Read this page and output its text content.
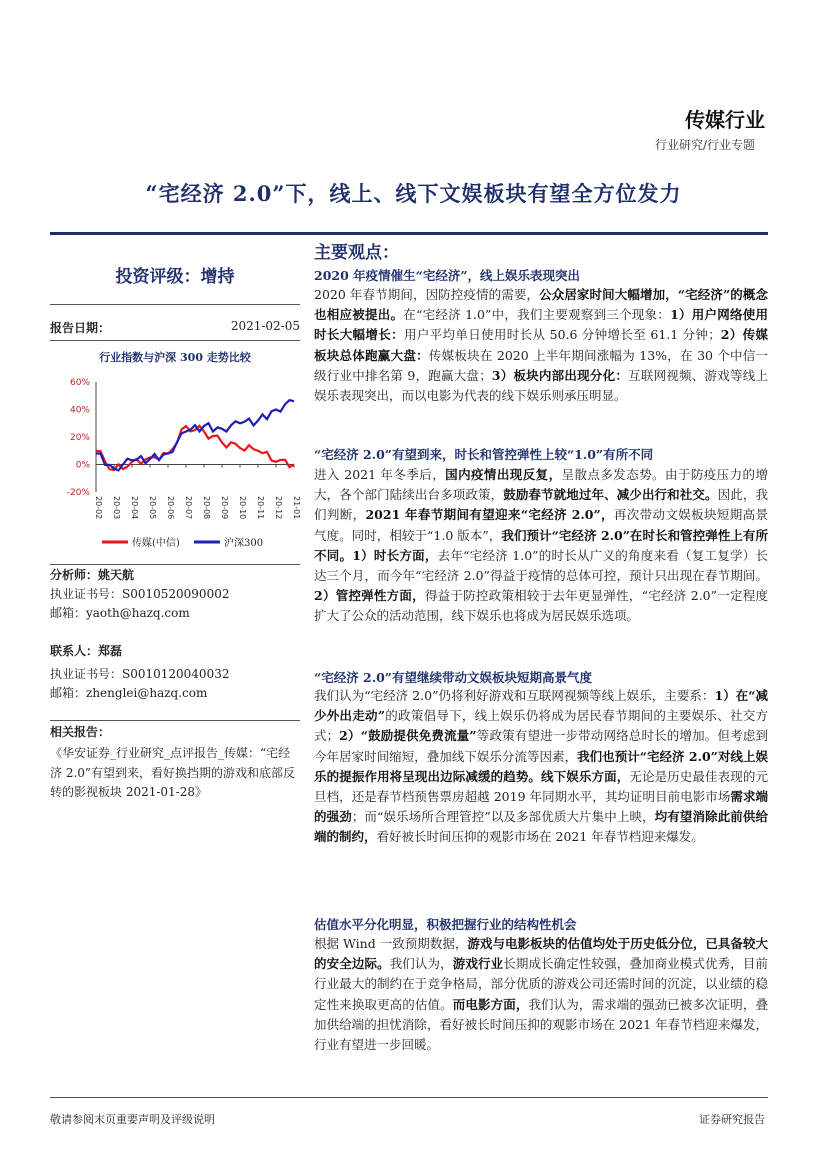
传媒行业
行业研究/行业专题
“宅经济 2.0”下，线上、线下文娱板块有望全方位发力
投资评级：增持
报告日期：	2021-02-05
行业指数与沪深 300 走势比较
60%
40%
20%
0%
-20%
20-02 20-03 20-04 20-05 20-06 20-07 20-08 20-09 20-10 20-11 20-12 21-01
传媒(中信)	沪深300
分析师：姚天航
执业证书号：S0010520090002
邮箱：yaoth@hazq.com
联系人：郑磊
执业证书号：S0010120040032
邮箱：zhenglei@hazq.com
相关报告：
《华安证券_行业研究_点评报告_传媒：“宅经济 2.0”有望到来，看好换挡期的游戏和底部反转的影视板块 2021-01-28》
主要观点：
2020 年疫情催生“宅经济”，线上娱乐表现突出
2020 年春节期间，因防控疫情的需要，公众居家时间大幅增加，“宅经济”的概念也相应被提出。在“宅经济 1.0”中，我们主要观察到三个现象：1）用户网络使用时长大幅增长：用户平均单日使用时长从 50.6 分钟增长至 61.1 分钟；2）传媒板块总体跑赢大盘：传媒板块在 2020 上半年期间涨幅为 13%，在 30 个中信一级行业中排名第 9，跑赢大盘；3）板块内部出现分化：互联网视频、游戏等线上娱乐表现突出，而以电影为代表的线下娱乐则承压明显。
“宅经济 2.0”有望到来，时长和管控弹性上较“1.0”有所不同
进入 2021 年冬季后，国内疫情出现反复，呈散点多发态势。由于防疫压力的增大，各个部门陆续出台多项政策，鼓励春节就地过年、减少出行和社交。因此，我们判断，2021 年春节期间有望迎来“宅经济 2.0”，再次带动文娱板块短期高景气度。同时，相较于“1.0 版本”，我们预计“宅经济 2.0”在时长和管控弹性上有所不同。1）时长方面，去年“宅经济 1.0”的时长从广义的角度来看（复工复学）长达三个月，而今年“宅经济 2.0”得益于疫情的总体可控，预计只出现在春节期间。2）管控弹性方面，得益于防控政策相较于去年更显弹性，“宅经济 2.0”一定程度扩大了公众的活动范围，线下娱乐也将成为居民娱乐选项。
“宅经济 2.0”有望继续带动文娱板块短期高景气度
我们认为“宅经济 2.0”仍将利好游戏和互联网视频等线上娱乐，主要系：1）在“减少外出走动”的政策倡导下，线上娱乐仍将成为居民春节期间的主要娱乐、社交方式；2）“鼓励提供免费流量”等政策有望进一步带动网络总时长的增加。但考虑到今年居家时间缩短，叠加线下娱乐分流等因素，我们也预计“宅经济 2.0”对线上娱乐的提振作用将呈现出边际减缓的趋势。线下娱乐方面，无论是历史最佳表现的元旦档，还是春节档预售票房超越 2019 年同期水平，其均证明目前电影市场需求端的强劲；而“娱乐场所合理管控”以及多部优质大片集中上映，均有望消除此前供给端的制约，看好被长时间压抑的观影市场在 2021 年春节档迎来爆发。
估值水平分化明显，积极把握行业的结构性机会
根据 Wind 一致预期数据，游戏与电影板块的估值均处于历史低分位，已具备较大的安全边际。我们认为，游戏行业长期成长确定性较强，叠加商业模式优秀，目前行业最大的制约在于竞争格局，部分优质的游戏公司还需时间的沉淀，以业绩的稳定性来换取更高的估值。而电影方面，我们认为，需求端的强劲已被多次证明，叠加供给端的担忧消除，看好被长时间压抑的观影市场在 2021 年春节档迎来爆发，行业有望进一步回暖。
敬请参阅末页重要声明及评级说明	证券研究报告
